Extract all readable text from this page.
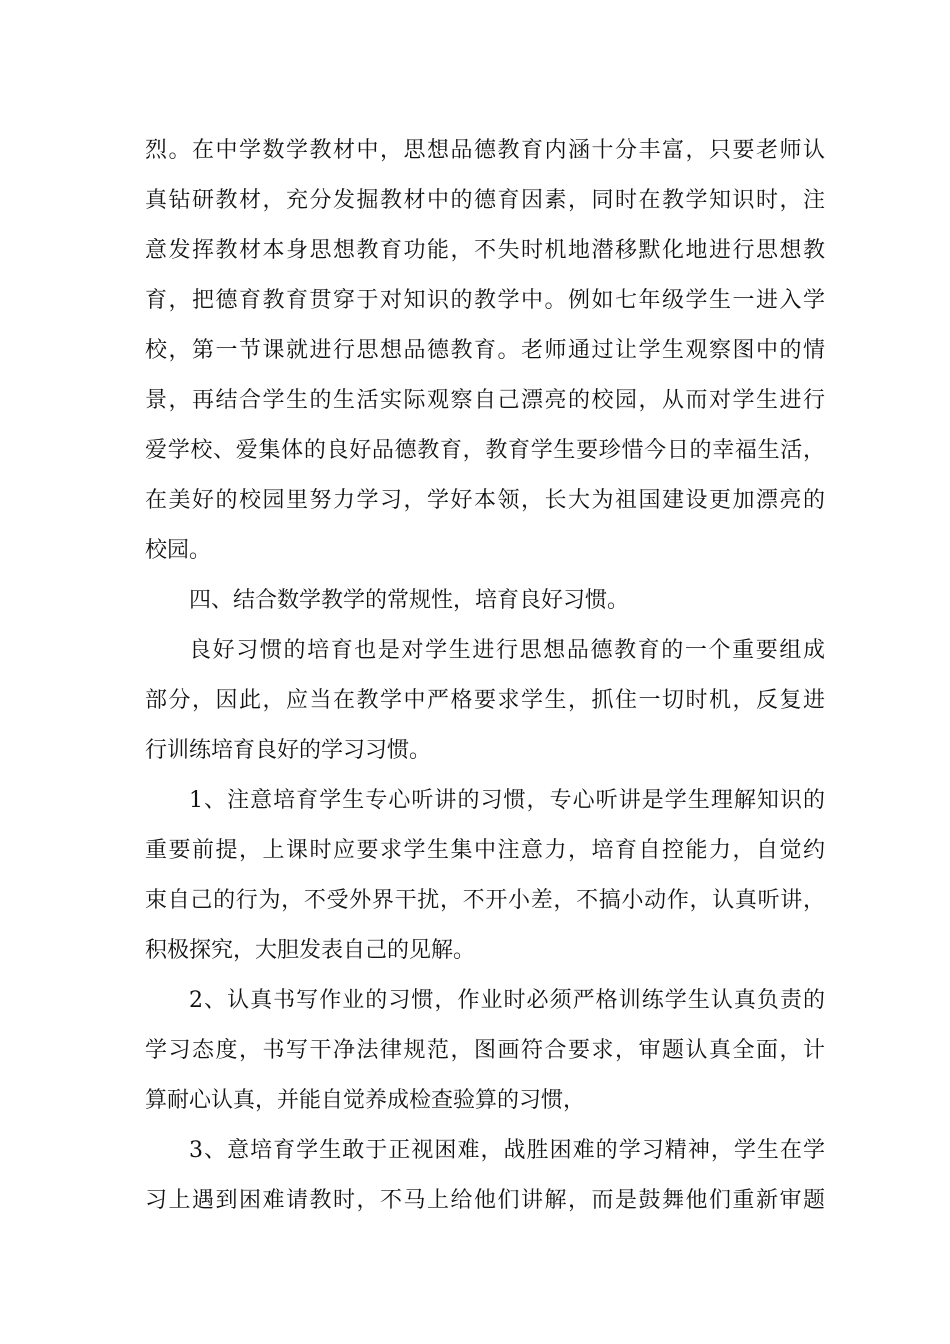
烈。在中学数学教材中，思想品德教育内涵十分丰富，只要老师认
真钻研教材，充分发掘教材中的德育因素，同时在教学知识时，注
意发挥教材本身思想教育功能，不失时机地潜移默化地进行思想教
育，把德育教育贯穿于对知识的教学中。例如七年级学生一进入学
校，第一节课就进行思想品德教育。老师通过让学生观察图中的情
景，再结合学生的生活实际观察自己漂亮的校园，从而对学生进行
爱学校、爱集体的良好品德教育，教育学生要珍惜今日的幸福生活，
在美好的校园里努力学习，学好本领，长大为祖国建设更加漂亮的
校园。
四、结合数学教学的常规性，培育良好习惯。
良好习惯的培育也是对学生进行思想品德教育的一个重要组成
部分，因此，应当在教学中严格要求学生，抓住一切时机，反复进
行训练培育良好的学习习惯。
1、注意培育学生专心听讲的习惯，专心听讲是学生理解知识的
重要前提，上课时应要求学生集中注意力，培育自控能力，自觉约
束自己的行为，不受外界干扰，不开小差，不搞小动作，认真听讲，
积极探究，大胆发表自己的见解。
2、认真书写作业的习惯，作业时必须严格训练学生认真负责的
学习态度，书写干净法律规范，图画符合要求，审题认真全面，计
算耐心认真，并能自觉养成检查验算的习惯，
3、意培育学生敢于正视困难，战胜困难的学习精神，学生在学
习上遇到困难请教时，不马上给他们讲解，而是鼓舞他们重新审题
